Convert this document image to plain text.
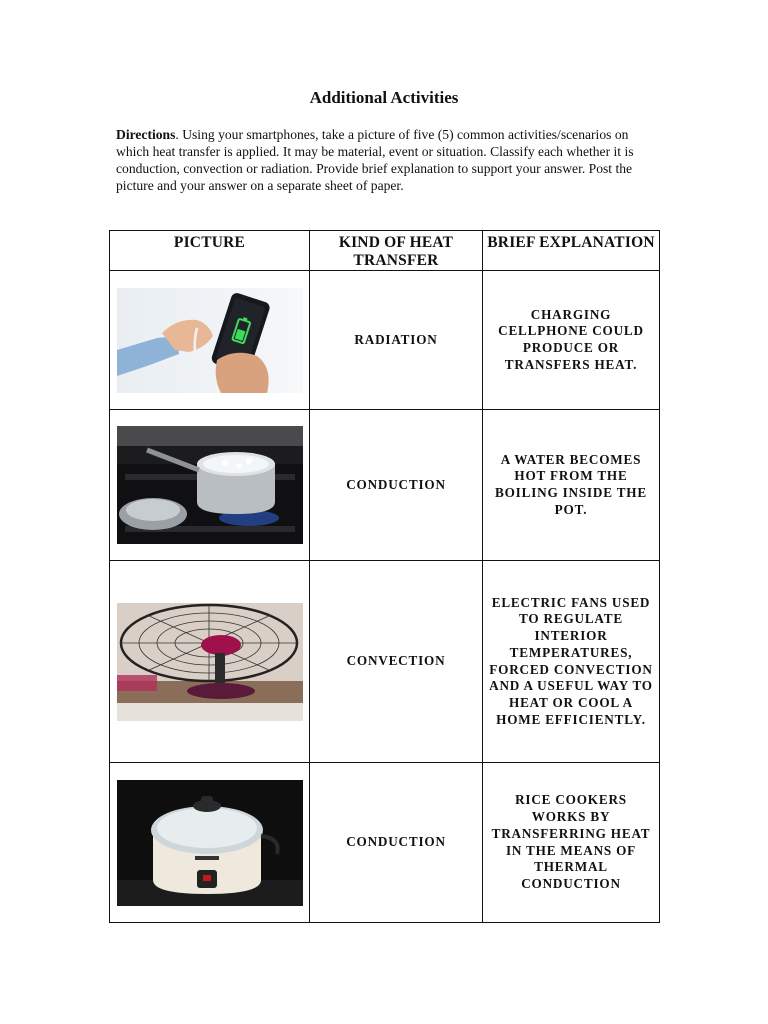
Additional Activities
Directions. Using your smartphones, take a picture of five (5) common activities/scenarios on which heat transfer is applied. It may be material, event or situation. Classify each whether it is conduction, convection or radiation. Provide brief explanation to support your answer. Post the picture and your answer on a separate sheet of paper.
PICTURE	KIND OF HEAT TRANSFER	BRIEF EXPLANATION

	RADIATION	CHARGING CELLPHONE COULD PRODUCE OR TRANSFERS HEAT.

	CONDUCTION	A WATER BECOMES HOT FROM THE BOILING INSIDE THE POT.

	CONVECTION	ELECTRIC FANS USED TO REGULATE INTERIOR TEMPERATURES, FORCED CONVECTION AND A USEFUL WAY TO HEAT OR COOL A HOME EFFICIENTLY.

	CONDUCTION	RICE COOKERS WORKS BY TRANSFERRING HEAT IN THE MEANS OF THERMAL CONDUCTION
